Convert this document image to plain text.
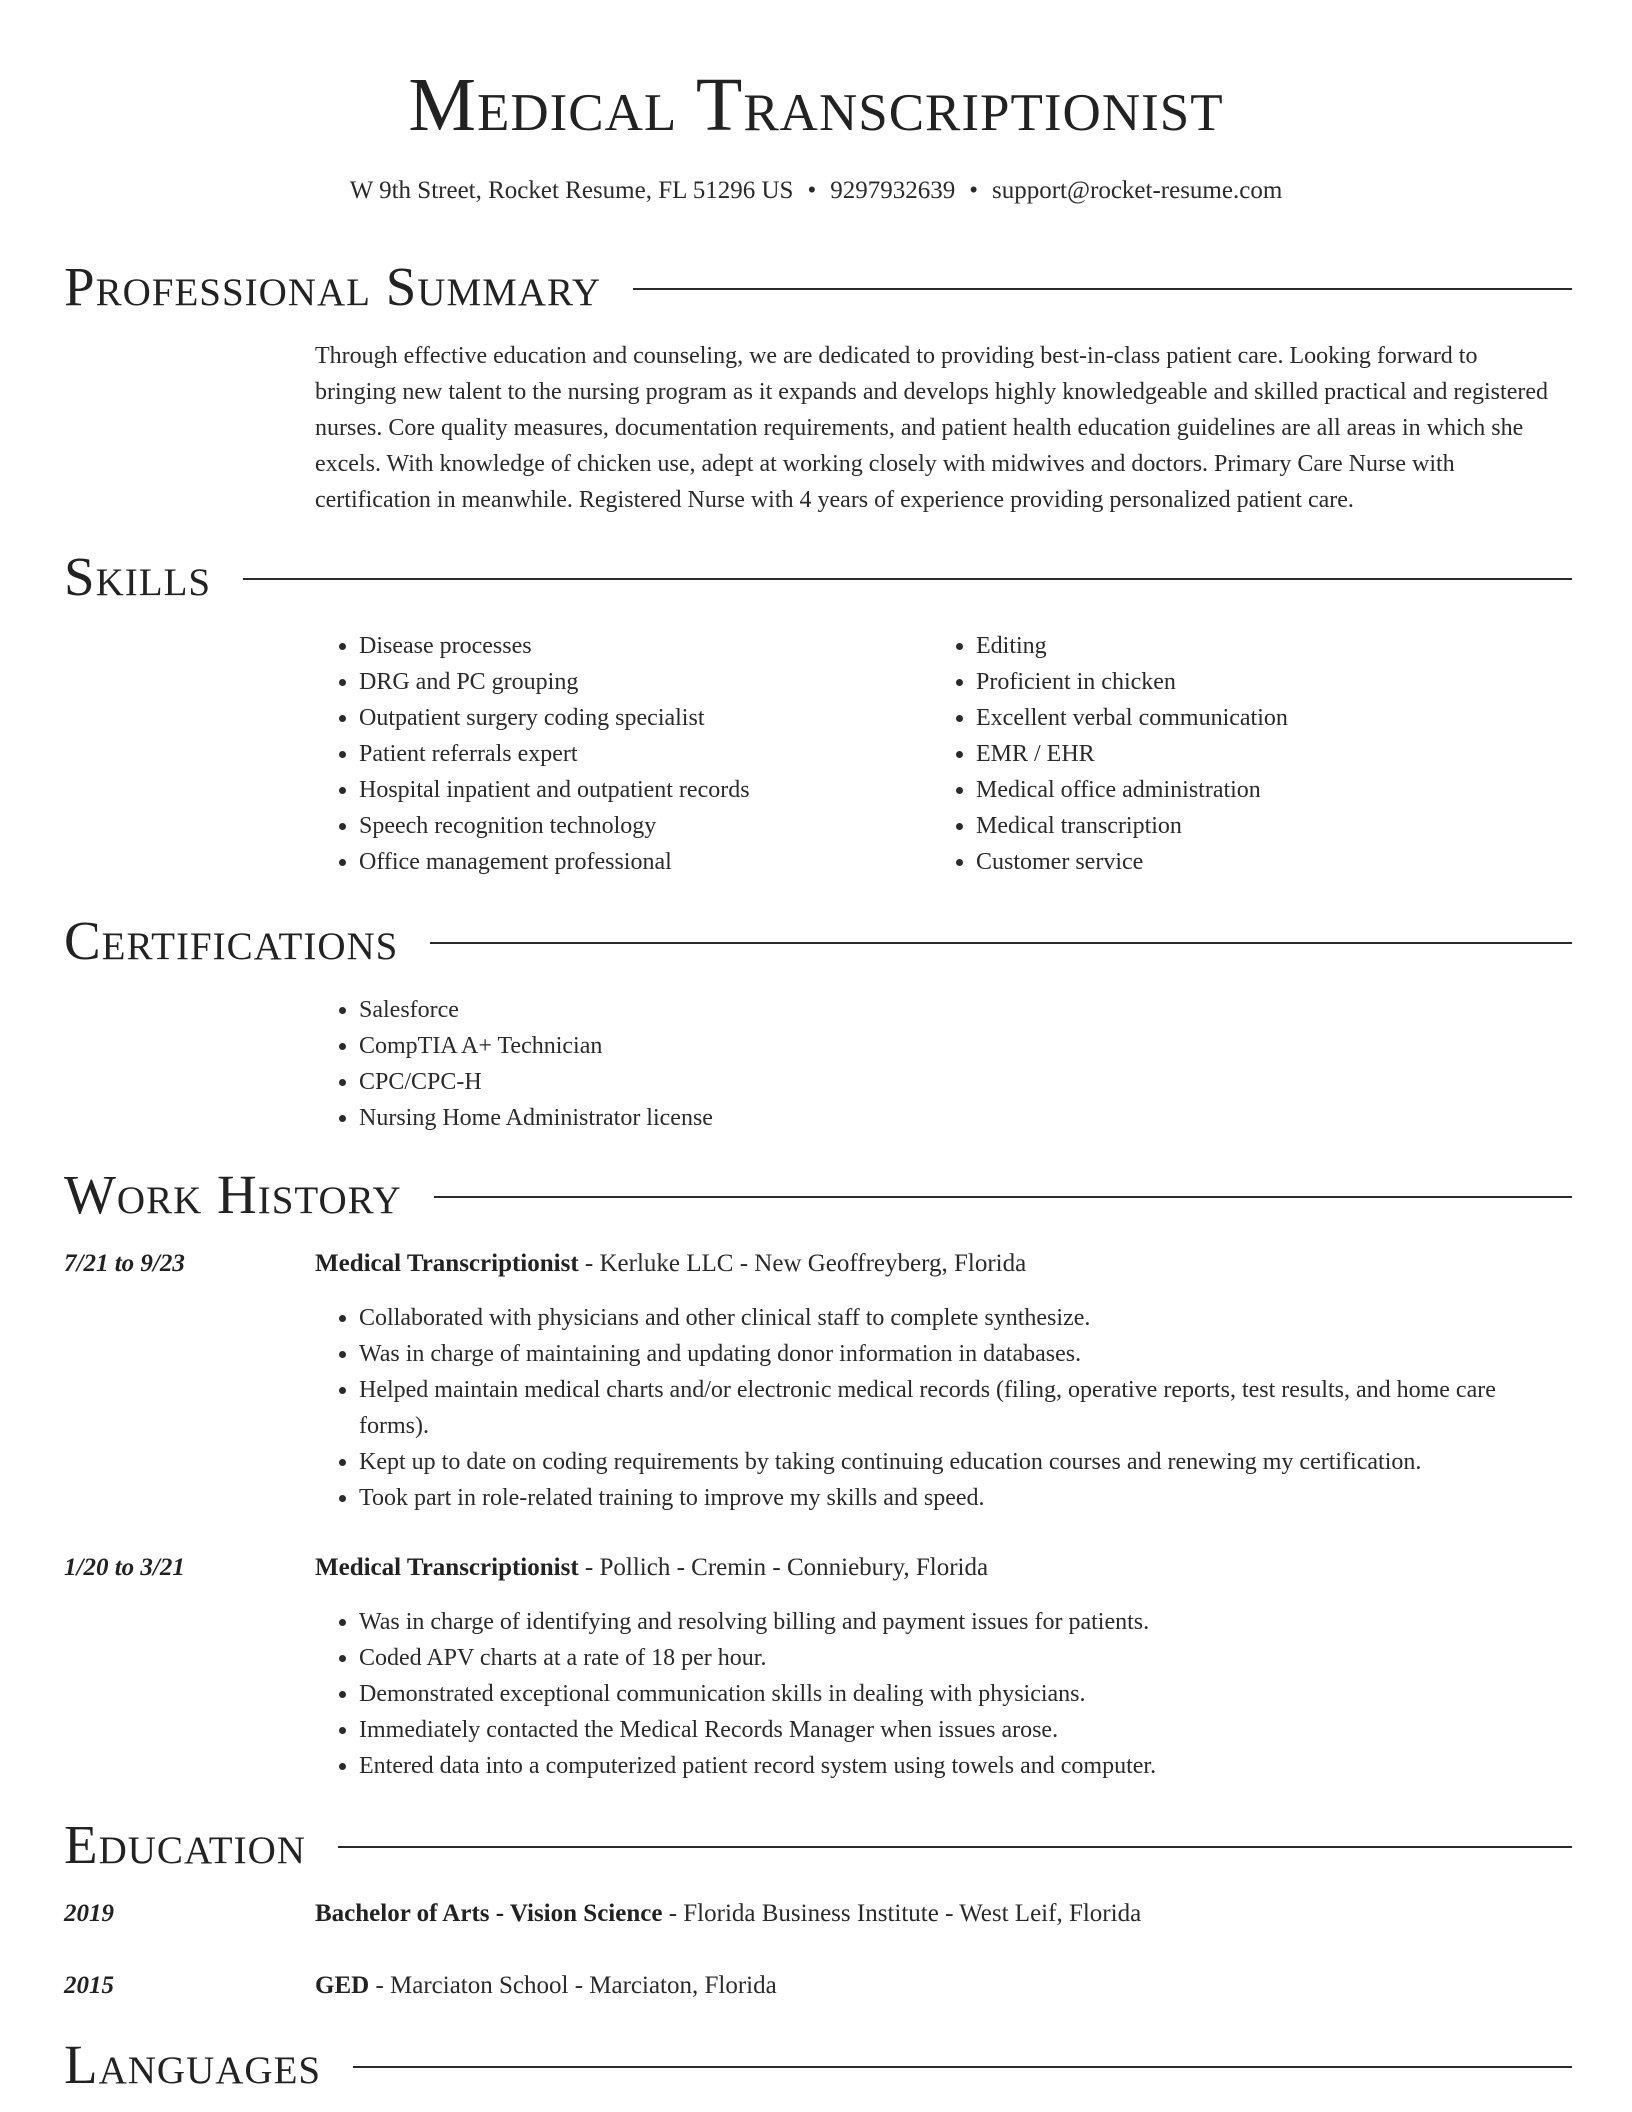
Medical Transcriptionist
W 9th Street, Rocket Resume, FL 51296 US • 9297932639 • support@rocket-resume.com
Professional Summary

Through effective education and counseling, we are dedicated to providing best-in-class patient care. Looking forward to bringing new talent to the nursing program as it expands and develops highly knowledgeable and skilled practical and registered nurses. Core quality measures, documentation requirements, and patient health education guidelines are all areas in which she excels. With knowledge of chicken use, adept at working closely with midwives and doctors. Primary Care Nurse with certification in meanwhile. Registered Nurse with 4 years of experience providing personalized patient care.

Skills
• Disease processes
• DRG and PC grouping
• Outpatient surgery coding specialist
• Patient referrals expert
• Hospital inpatient and outpatient records
• Speech recognition technology
• Office management professional
• Editing
• Proficient in chicken
• Excellent verbal communication
• EMR / EHR
• Medical office administration
• Medical transcription
• Customer service
Certifications
• Salesforce
• CompTIA A+ Technician
• CPC/CPC-H
• Nursing Home Administrator license
Work History
7/21 to 9/23	Medical Transcriptionist - Kerluke LLC - New Geoffreyberg, Florida
• Collaborated with physicians and other clinical staff to complete synthesize.
• Was in charge of maintaining and updating donor information in databases.
• Helped maintain medical charts and/or electronic medical records (filing, operative reports, test results, and home care forms).
• Kept up to date on coding requirements by taking continuing education courses and renewing my certification.
• Took part in role-related training to improve my skills and speed.
1/20 to 3/21	Medical Transcriptionist - Pollich - Cremin - Conniebury, Florida
• Was in charge of identifying and resolving billing and payment issues for patients.
• Coded APV charts at a rate of 18 per hour.
• Demonstrated exceptional communication skills in dealing with physicians.
• Immediately contacted the Medical Records Manager when issues arose.
• Entered data into a computerized patient record system using towels and computer.
Education
2019	Bachelor of Arts - Vision Science - Florida Business Institute - West Leif, Florida
2015	GED - Marciaton School - Marciaton, Florida
Languages
